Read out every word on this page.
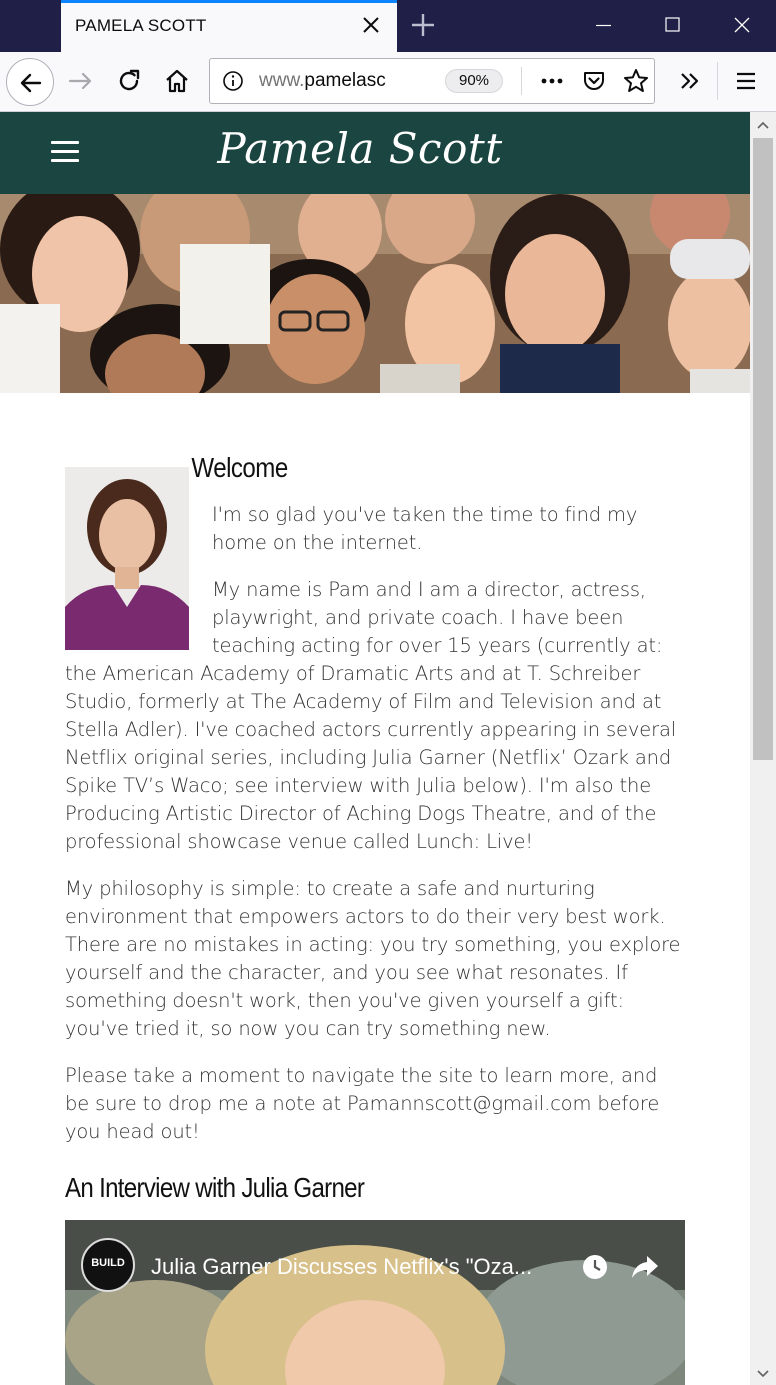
PAMELA SCOTT
www.pamelasc	90%
Pamela Scott
Welcome

I'm so glad you've taken the time to find my home on the internet.

My name is Pam and I am a director, actress, playwright, and private coach. I have been teaching acting for over 15 years (currently at: the American Academy of Dramatic Arts and at T. Schreiber Studio, formerly at The Academy of Film and Television and at Stella Adler). I've coached actors currently appearing in several Netflix original series, including Julia Garner (Netflix’ Ozark and Spike TV’s Waco; see interview with Julia below). I'm also the Producing Artistic Director of Aching Dogs Theatre, and of the professional showcase venue called Lunch: Live!

My philosophy is simple: to create a safe and nurturing environment that empowers actors to do their very best work. There are no mistakes in acting: you try something, you explore yourself and the character, and you see what resonates. If something doesn't work, then you've given yourself a gift: you've tried it, so now you can try something new.

Please take a moment to navigate the site to learn more, and be sure to drop me a note at Pamannscott@gmail.com before you head out!

An Interview with Julia Garner
BUILD	Julia Garner Discusses Netflix's "Oza...
